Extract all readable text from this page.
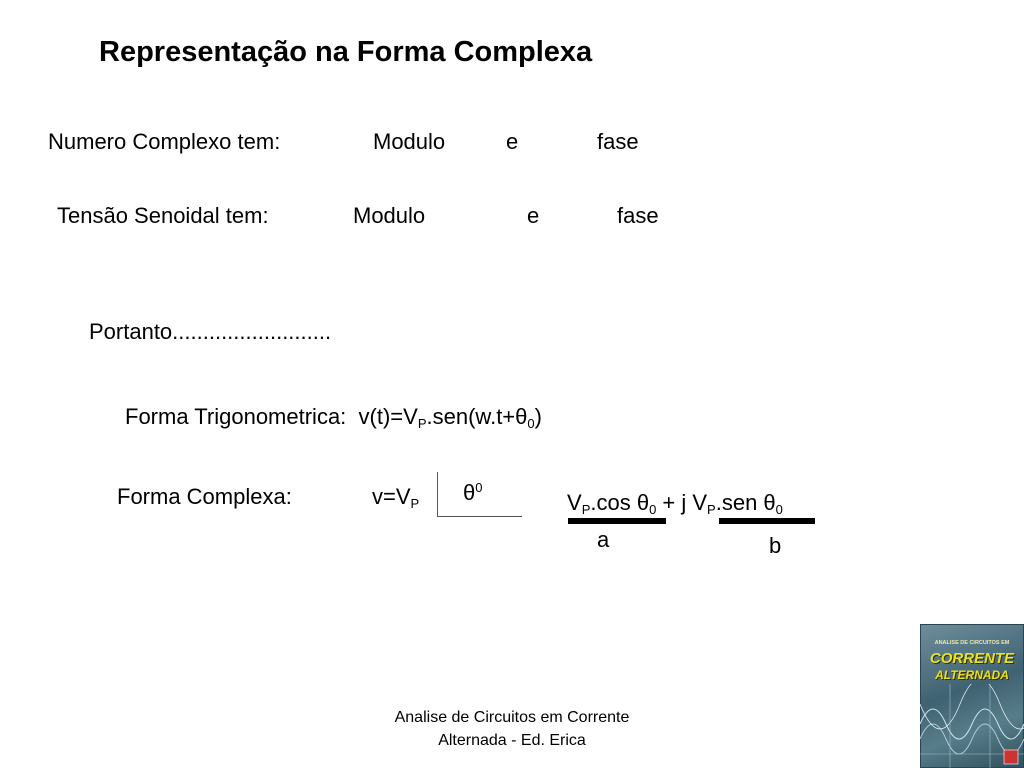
Representação na Forma Complexa
Numero Complexo tem:	Modulo	e	fase
Tensão Senoidal tem:	Modulo	e	fase
Portanto..........................
Forma Trigonometrica: $v(t)=V_P.sen(w.t+\theta_0)$
Forma Complexa:	$v=V_P$ $\theta^0$
$V_P.\cos$ $\theta_0 + j$ $V_P.sen$ $\theta_0$
a	b
Analise de Circuitos em Corrente
Alternada - Ed. Erica
ANALISE DE CIRCUITOS EM
CORRENTE
ALTERNADA
